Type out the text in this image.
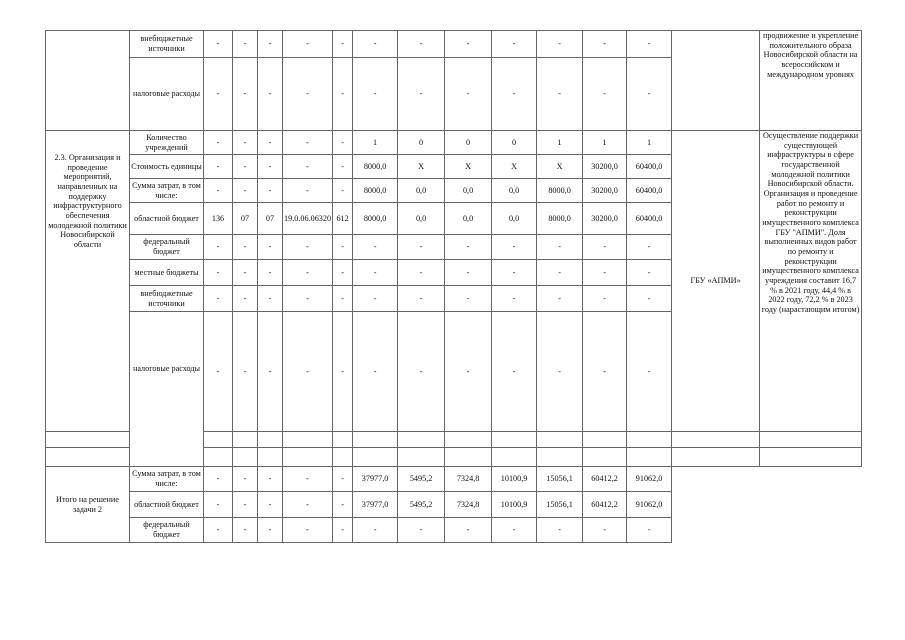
	внебюджетные источники	-	-	-	-	-	-	-	-	-	-	-	-		продвижение и укрепление положительного образа Новосибирской области на всероссийском и международном уровнях
	налоговые расходы	-	-	-	-	-	-	-	-	-	-	-	-		
2.3. Организация и проведение мероприятий, направленных на поддержку инфраструктурного обеспечения молодежной политики Новосибирской области	Количество учреждений	-	-	-	-	-	1	0	0	0	1	1	1	ГБУ «АПМИ»	Осуществление поддержки существующей инфраструктуры в сфере государственной молодежной политики Новосибирской области. Организация и проведение работ по ремонту и реконструкции имущественного комплекса ГБУ "АПМИ". Доля выполненных видов работ по ремонту и реконструкции имущественного комплекса учреждения составит 16,7 % в 2021 году, 44,4 % в 2022 году, 72,2 % в 2023 году (нарастающим итогом)
	Стоимость единицы	-	-	-	-	-	8000,0	X	X	X	X	30200,0	60400,0		
	Сумма затрат, в том числе:	-	-	-	-	-	8000,0	0,0	0,0	0,0	8000,0	30200,0	60400,0		
	областной бюджет	136	07	07	19.0.06.06320	612	8000,0	0,0	0,0	0,0	8000,0	30200,0	60400,0		
	федеральный бюджет	-	-	-	-	-	-	-	-	-	-	-	-		
	местные бюджеты	-	-	-	-	-	-	-	-	-	-	-	-		
	внебюджетные источники	-	-	-	-	-	-	-	-	-	-	-	-		
	налоговые расходы	-	-	-	-	-	-	-	-	-	-	-	-		

Итого на решение задачи 2	Сумма затрат, в том числе:	-	-	-	-	-	37977,0	5495,2	7324,8	10100,9	15056,1	60412,2	91062,0		
	областной бюджет	-	-	-	-	-	37977,0	5495,2	7324,8	10100,9	15056,1	60412,2	91062,0		
	федеральный бюджет	-	-	-	-	-	-	-	-	-	-	-	-		
